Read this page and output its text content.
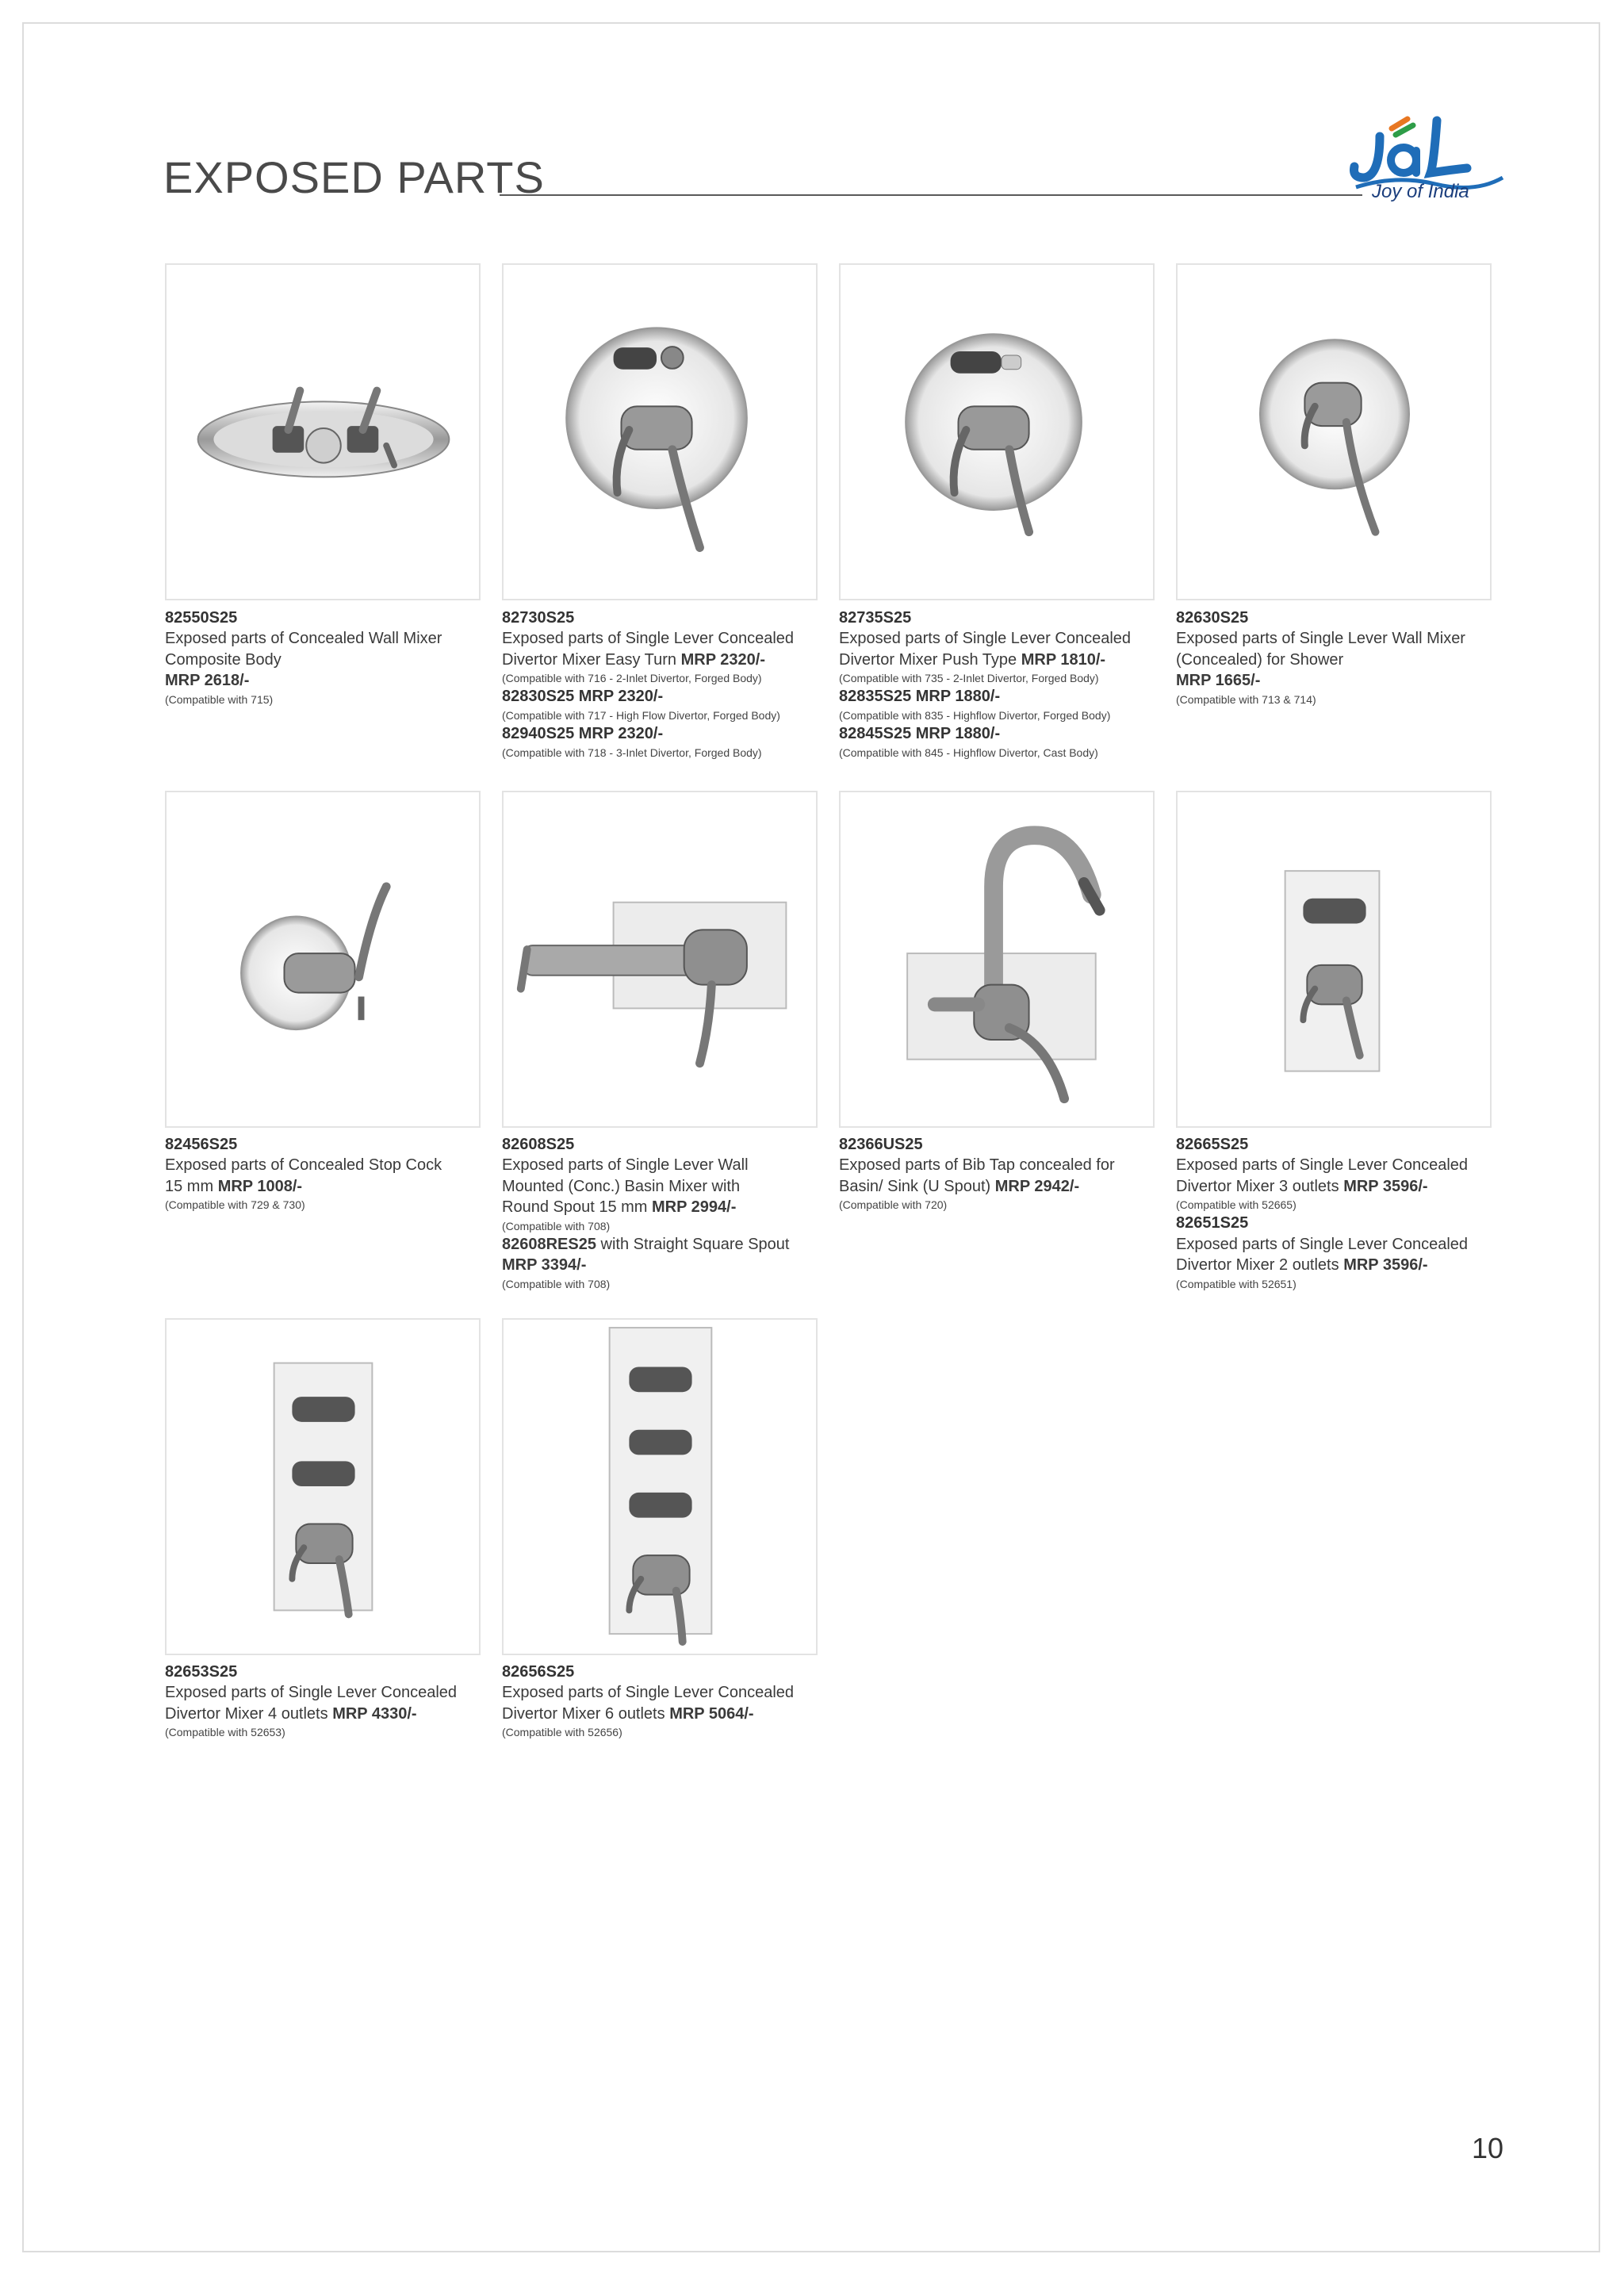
EXPOSED PARTS	Joy of India
82550S25
Exposed parts of Concealed Wall Mixer Composite Body
MRP 2618/-
(Compatible with 715)
82730S25
Exposed parts of Single Lever Concealed Divertor Mixer Easy Turn MRP 2320/-
(Compatible with 716 - 2-Inlet Divertor, Forged Body)
82830S25 MRP 2320/-
(Compatible with 717 - High Flow Divertor, Forged Body)
82940S25 MRP 2320/-
(Compatible with 718 - 3-Inlet Divertor, Forged Body)
82735S25
Exposed parts of Single Lever Concealed Divertor Mixer Push Type MRP 1810/-
(Compatible with 735 - 2-Inlet Divertor, Forged Body)
82835S25 MRP 1880/-
(Compatible with 835 - Highflow Divertor, Forged Body)
82845S25 MRP 1880/-
(Compatible with 845 - Highflow Divertor, Cast Body)
82630S25
Exposed parts of Single Lever Wall Mixer (Concealed) for Shower
MRP 1665/-
(Compatible with 713 & 714)
82456S25
Exposed parts of Concealed Stop Cock 15 mm MRP 1008/-
(Compatible with 729 & 730)
82608S25
Exposed parts of Single Lever Wall Mounted (Conc.) Basin Mixer with Round Spout 15 mm MRP 2994/-
(Compatible with 708)
82608RES25 with Straight Square Spout
MRP 3394/-
(Compatible with 708)
82366US25
Exposed parts of Bib Tap concealed for Basin/ Sink (U Spout) MRP 2942/-
(Compatible with 720)
82665S25
Exposed parts of Single Lever Concealed Divertor Mixer 3 outlets MRP 3596/-
(Compatible with 52665)
82651S25
Exposed parts of Single Lever Concealed Divertor Mixer 2 outlets MRP 3596/-
(Compatible with 52651)
82653S25
Exposed parts of Single Lever Concealed Divertor Mixer 4 outlets MRP 4330/-
(Compatible with 52653)
82656S25
Exposed parts of Single Lever Concealed Divertor Mixer 6 outlets MRP 5064/-
(Compatible with 52656)
10
